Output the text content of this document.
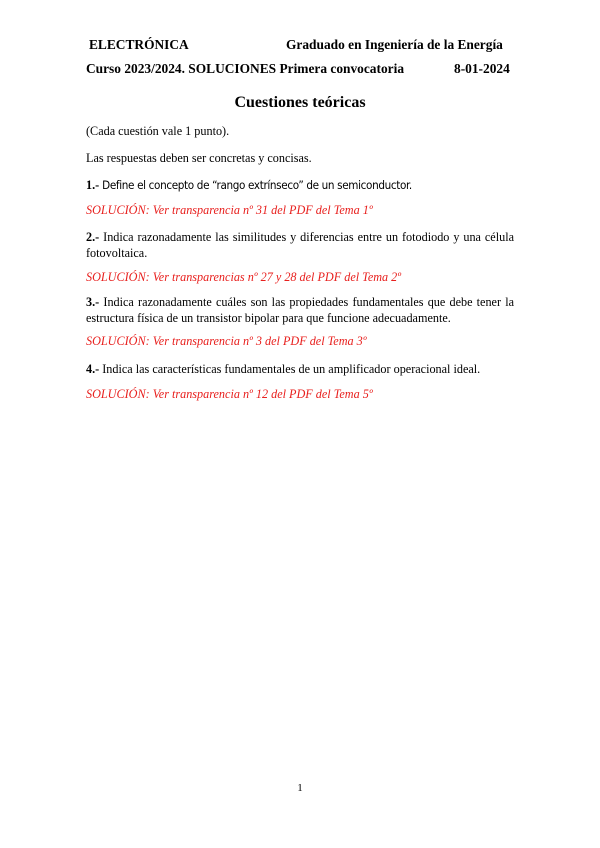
ELECTRÓNICA	Graduado en Ingeniería de la Energía
Curso 2023/2024. SOLUCIONES Primera convocatoria	8-01-2024
Cuestiones teóricas
(Cada cuestión vale 1 punto).
Las respuestas deben ser concretas y concisas.
1.- Define el concepto de “rango extrínseco” de un semiconductor.
SOLUCIÓN: Ver transparencia nº 31 del PDF del Tema 1º
2.- Indica razonadamente las similitudes y diferencias entre un fotodiodo y una célula fotovoltaica.
SOLUCIÓN: Ver transparencias nº 27 y 28 del PDF del Tema 2º
3.- Indica razonadamente cuáles son las propiedades fundamentales que debe tener la estructura física de un transistor bipolar para que funcione adecuadamente.
SOLUCIÓN: Ver transparencia nº 3 del PDF del Tema 3º
4.- Indica las características fundamentales de un amplificador operacional ideal.
SOLUCIÓN: Ver transparencia nº 12 del PDF del Tema 5º
1
